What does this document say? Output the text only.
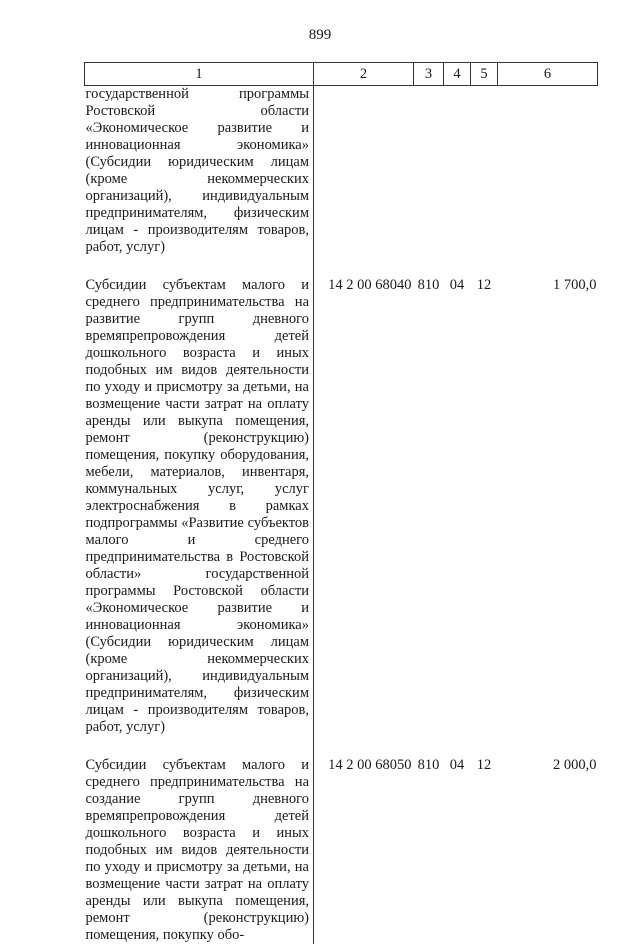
899
1	2	3	4	5	6
государственной программы Ростовской области «Экономическое развитие и инновационная экономика» (Субсидии юридическим лицам (кроме некоммерческих организаций), индивидуальным предпринимателям, физическим лицам - производителям товаров, работ, услуг)					
Субсидии субъектам малого и среднего предпринимательства на развитие групп дневного времяпрепровождения детей дошкольного возраста и иных подобных им видов деятельности по уходу и присмотру за детьми, на возмещение части затрат на оплату аренды или выкупа помещения, ремонт (реконструкцию) помещения, покупку оборудования, мебели, материалов, инвентаря, коммунальных услуг, услуг электроснабжения в рамках подпрограммы «Развитие субъектов малого и среднего предпринимательства в Ростовской области» государственной программы Ростовской области «Экономическое развитие и инновационная экономика» (Субсидии юридическим лицам (кроме некоммерческих организаций), индивидуальным предпринимателям, физическим лицам - производителям товаров, работ, услуг)	14 2 00 68040	810	04	12	1 700,0
Субсидии субъектам малого и среднего предпринимательства на создание групп дневного времяпрепровождения детей дошкольного возраста и иных подобных им видов деятельности по уходу и присмотру за детьми, на возмещение части затрат на оплату аренды или выкупа помещения, ремонт (реконструкцию) помещения, покупку обо-	14 2 00 68050	810	04	12	2 000,0
